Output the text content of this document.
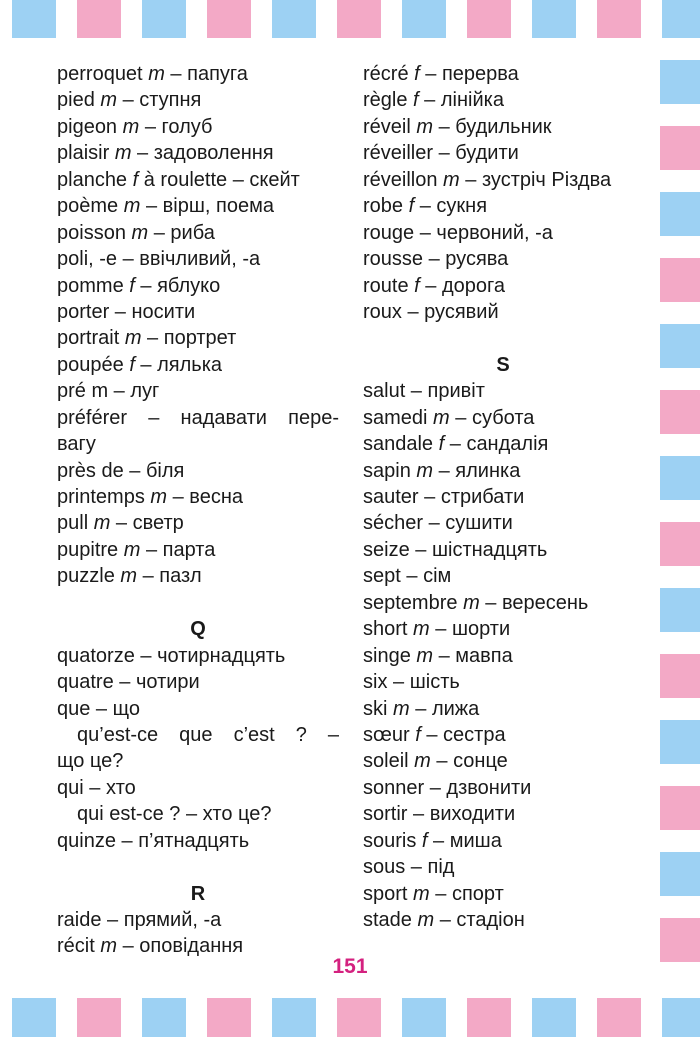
perroquet m – папуга
pied m – ступня
pigeon m – голуб
plaisir m – задоволення
planche f à roulette – скейт
poème m – вірш, поема
poisson m – риба
poli, -e – ввічливий, -а
pomme f – яблуко
porter – носити
portrait m – портрет
poupée f – лялька
pré m – луг
préférer – надавати пере-
вагу
près de – біля
printemps m – весна
pull m – светр
pupitre m – парта
puzzle m – пазл
Q
quatorze – чотирнадцять
quatre – чотири
que – що
qu’est-ce que c’est ? –
що це?
qui – хто
qui est-ce ? – хто це?
quinze – п’ятнадцять
R
raide – прямий, -а
récit m – оповідання
récré f – перерва
règle f – лінійка
réveil m – будильник
réveiller – будити
réveillon m – зустріч Різдва
robe f – сукня
rouge – червоний, -а
rousse – русява
route f – дорога
roux – русявий
S
salut – привіт
samedi m – субота
sandale f – сандалія
sapin m – ялинка
sauter – стрибати
sécher – сушити
seize – шістнадцять
sept – сім
septembre m – вересень
short m – шорти
singe m – мавпа
six – шість
ski m – лижа
sœur f – сестра
soleil m – сонце
sonner – дзвонити
sortir – виходити
souris f – миша
sous – під
sport m – спорт
stade m – стадіон
151
